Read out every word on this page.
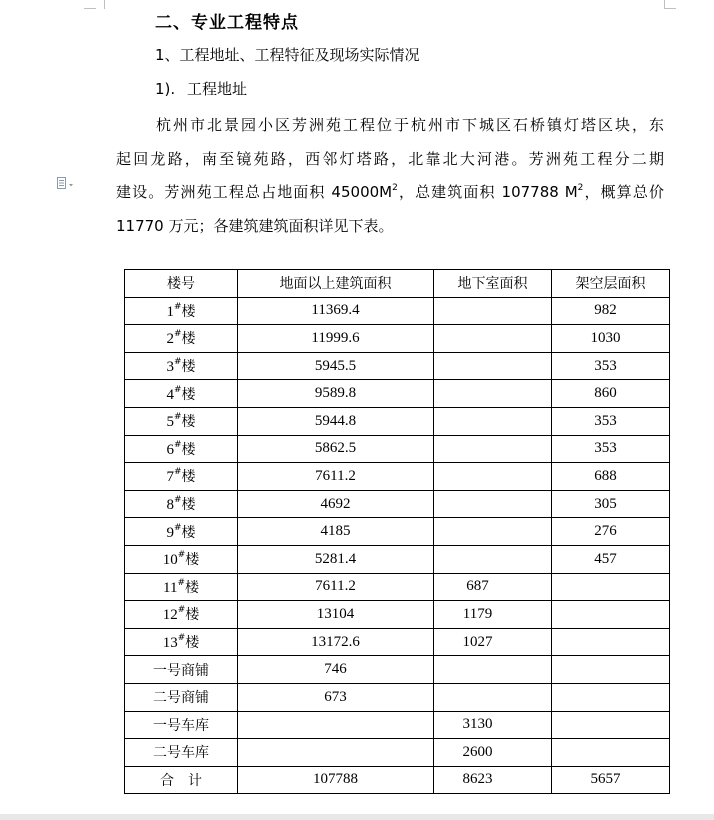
二、专业工程特点
1、工程地址、工程特征及现场实际情况
1). 工程地址

杭州市北景园小区芳洲苑工程位于杭州市下城区石桥镇灯塔区块，东

起回龙路，南至镜苑路，西邻灯塔路，北靠北大河港。芳洲苑工程分二期

建设。芳洲苑工程总占地面积 $45000M^2$，总建筑面积 107788 $M^2$，概算总价

11770 万元；各建筑建筑面积详见下表。

楼号	地面以上建筑面积	地下室面积	架空层面积
1#楼	11369.4		982
2#楼	11999.6		1030
3#楼	5945.5		353
4#楼	9589.8		860
5#楼	5944.8		353
6#楼	5862.5		353
7#楼	7611.2		688
8#楼	4692		305
9#楼	4185		276
10#楼	5281.4		457
11#楼	7611.2	687	
12#楼	13104	1179	
13#楼	13172.6	1027	
一号商铺	746		
二号商铺	673		
一号车库		3130	
二号车库		2600	
合　计	107788	8623	5657
